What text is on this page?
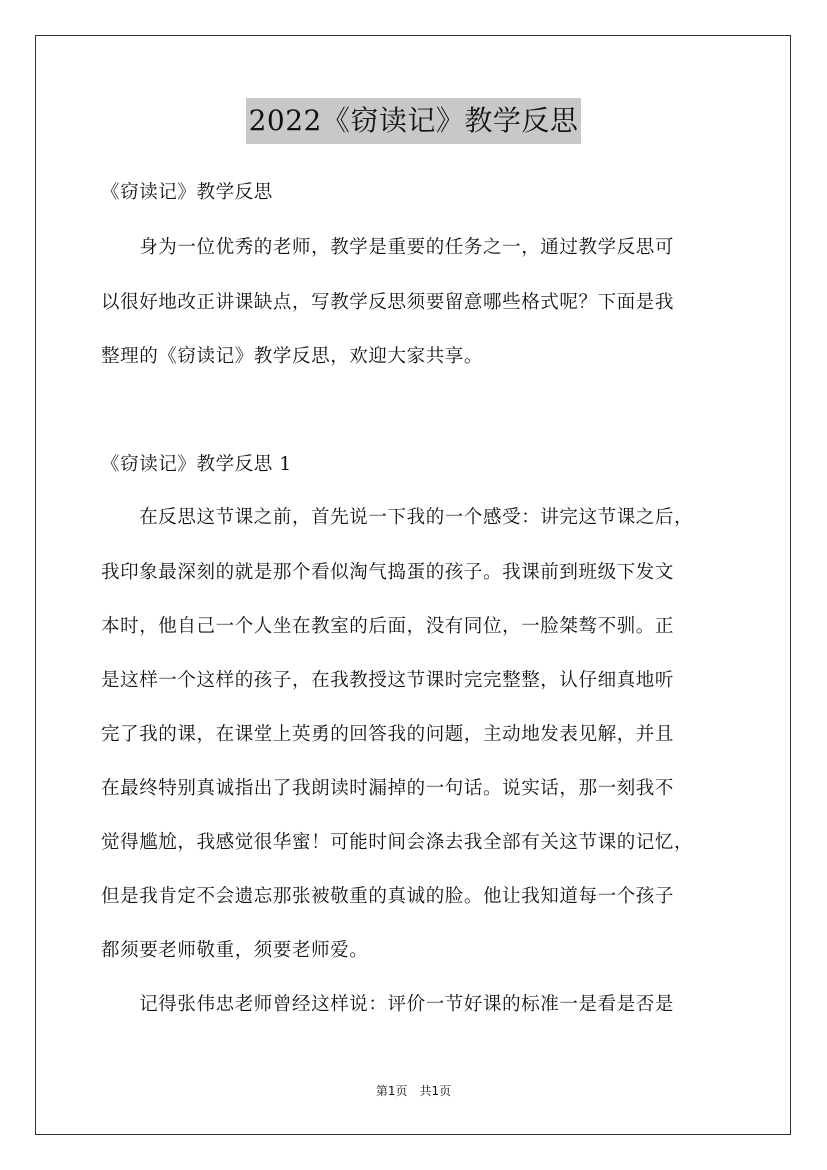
2022《窃读记》教学反思
《窃读记》教学反思
　　身为一位优秀的老师，教学是重要的任务之一，通过教学反思可
以很好地改正讲课缺点，写教学反思须要留意哪些格式呢？下面是我
整理的《窃读记》教学反思，欢迎大家共享。
《窃读记》教学反思 1
　　在反思这节课之前，首先说一下我的一个感受：讲完这节课之后，
我印象最深刻的就是那个看似淘气捣蛋的孩子。我课前到班级下发文
本时，他自己一个人坐在教室的后面，没有同位，一脸桀骜不驯。正
是这样一个这样的孩子，在我教授这节课时完完整整，认仔细真地听
完了我的课，在课堂上英勇的回答我的问题，主动地发表见解，并且
在最终特别真诚指出了我朗读时漏掉的一句话。说实话，那一刻我不
觉得尴尬，我感觉很华蜜！可能时间会涤去我全部有关这节课的记忆，
但是我肯定不会遗忘那张被敬重的真诚的脸。他让我知道每一个孩子
都须要老师敬重，须要老师爱。
　　记得张伟忠老师曾经这样说：评价一节好课的标准一是看是否是
第1页　共1页
